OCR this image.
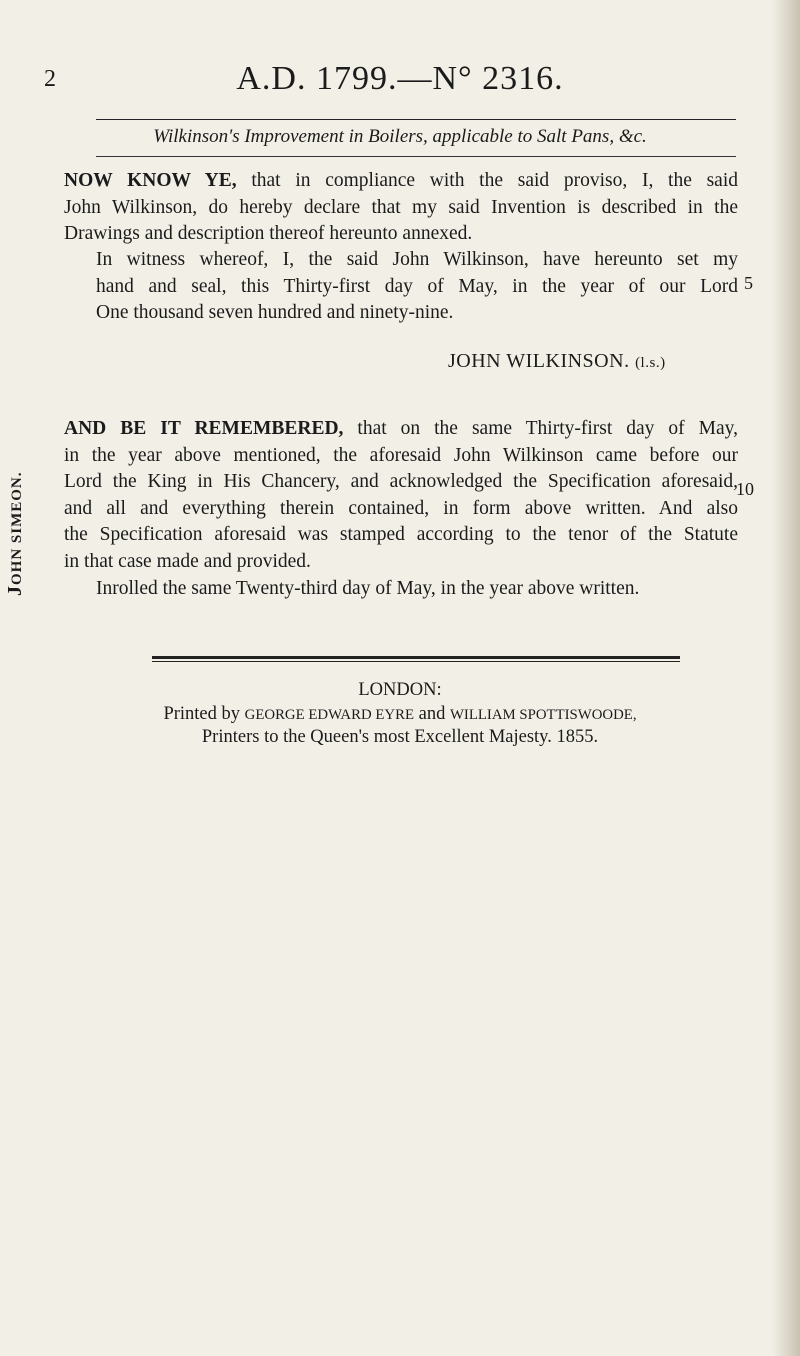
2	A.D. 1799.—N° 2316.
Wilkinson's Improvement in Boilers, applicable to Salt Pans, &c.
JOHN SIMEON.
NOW KNOW YE, that in compliance with the said proviso, I, the said
John Wilkinson, do hereby declare that my said Invention is described in the
Drawings and description thereof hereunto annexed.
In witness whereof, I, the said John Wilkinson, have hereunto set my
hand and seal, this Thirty-first day of May, in the year of our Lord
One thousand seven hundred and ninety-nine.
5
JOHN WILKINSON. (l.s.)
AND BE IT REMEMBERED, that on the same Thirty-first day of May,
in the year above mentioned, the aforesaid John Wilkinson came before our
Lord the King in His Chancery, and acknowledged the Specification aforesaid,
and all and everything therein contained, in form above written. And also
the Specification aforesaid was stamped according to the tenor of the Statute
in that case made and provided.
10
Inrolled the same Twenty-third day of May, in the year above written.
LONDON:
Printed by GEORGE EDWARD EYRE and WILLIAM SPOTTISWOODE,
Printers to the Queen's most Excellent Majesty. 1855.
